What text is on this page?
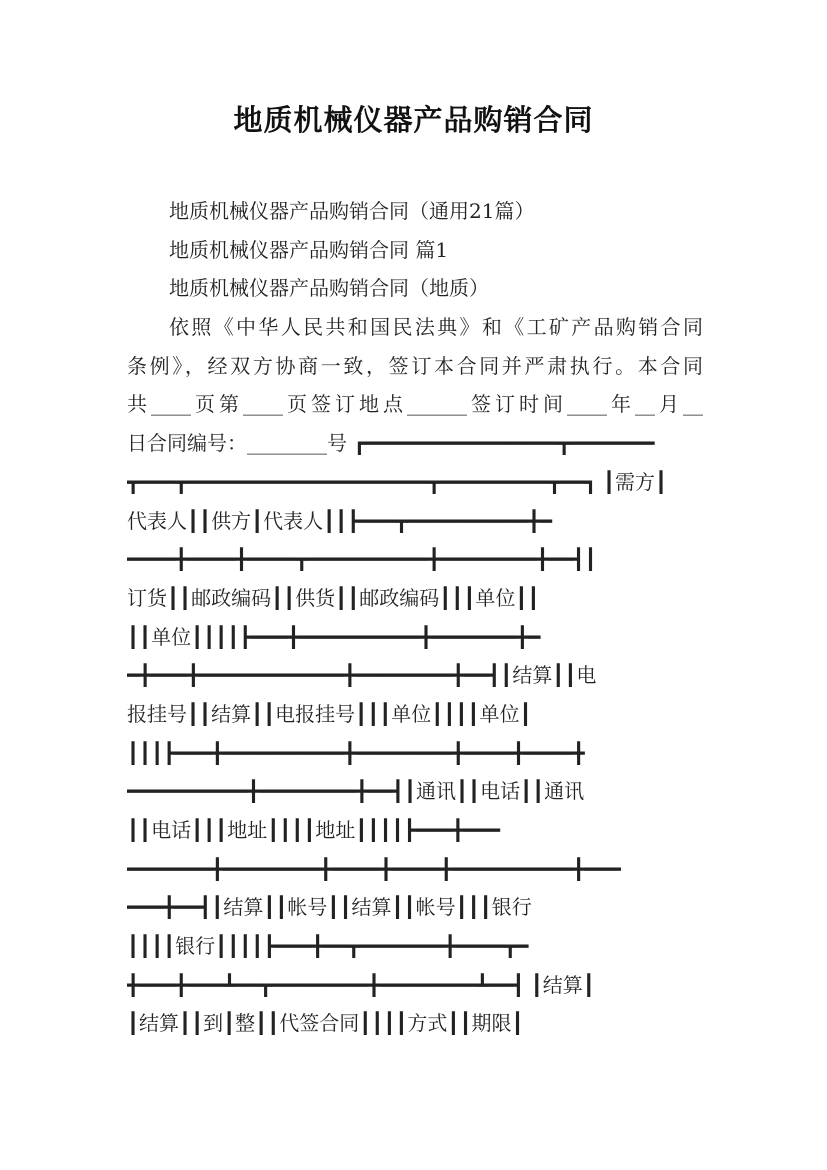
地质机械仪器产品购销合同
地质机械仪器产品购销合同（通用21篇）
地质机械仪器产品购销合同 篇1
地质机械仪器产品购销合同（地质）
依照《中华人民共和国民法典》和《工矿产品购销合同
条例》，经双方协商一致，签订本合同并严肃执行。本合同
共____页第____页签订地点______签订时间____年__月__
日合同编号：________号 ┏━━━━━━━━━━━━━━━━┳━━━━━━━
┳━━━┳━━━━━━━━━━━━━━━━━━━━┳━━━━━━━━━┳━━┓ ┃需方┃
代表人┃┃供方┃代表人┃┃┣━━━┳━━━━━━━━━━╋━
━━━━╋━━━━╋━━━━┳━━━━━━━━━━╋━━━━━━━━╋━━┫┃
订货┃┃邮政编码┃┃供货┃┃邮政编码┃┃┃单位┃┃
┃┃单位┃┃┃┃┣━━━╋━━━━━━━━━━╋━━━━━━━╋━
━╋━━━╋━━━━━━━━━━━━╋━━━━━━━━╋━━┫┃结算┃┃电
报挂号┃┃结算┃┃电报挂号┃┃┃单位┃┃┃┃单位┃
┃┃┃┣━━━╋━━━━━━━━━━╋━━━━━━━━╋━━━━╋━━━━╋
━━━━━━━━━━╋━━━━━━━━╋━━┫┃通讯┃┃电话┃┃通讯
┃┃电话┃┃┃地址┃┃┃┃地址┃┃┃┃┣━━━╋━━━
━━━━━━━╋━━━━━━━━╋━━━━╋━━━━╋━━━━━━━━━━╋━━━
━━━╋━━┫┃结算┃┃帐号┃┃结算┃┃帐号┃┃┃银行
┃┃┃┃银行┃┃┃┃┣━━━╋━━┳━━━━━━━╋━━━━┳━
╋━━━╋━━━┻━━┳━━━━━━━━╋━━━━━━━━┻━━┫ ┃结算┃
┃结算┃┃到┃整┃┃代签合同┃┃┃┃方式┃┃期限┃
